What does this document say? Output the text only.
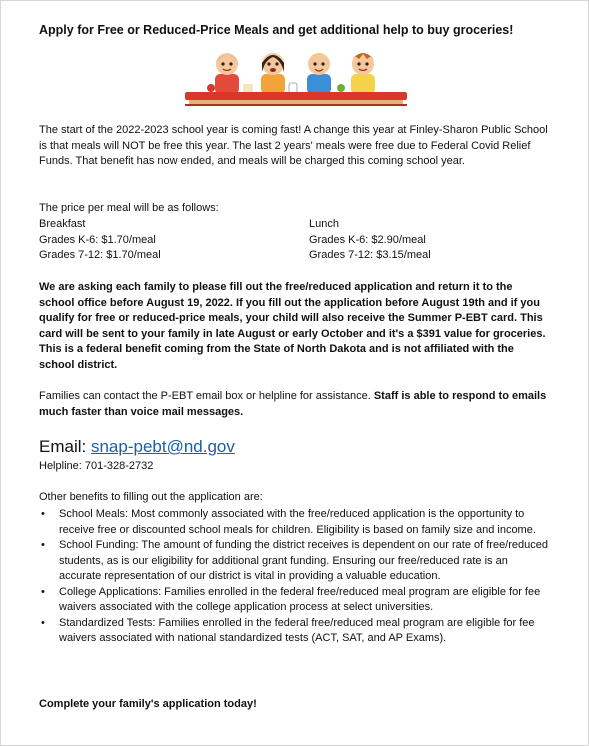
Apply for Free or Reduced-Price Meals and get additional help to buy groceries!
The start of the 2022-2023 school year is coming fast! A change this year at Finley-Sharon Public School is that meals will NOT be free this year. The last 2 years' meals were free due to Federal Covid Relief Funds. That benefit has now ended, and meals will be charged this coming school year.
The price per meal will be as follows:
Breakfast
Grades K-6: $1.70/meal
Grades 7-12: $1.70/meal
Lunch
Grades K-6: $2.90/meal
Grades 7-12: $3.15/meal
We are asking each family to please fill out the free/reduced application and return it to the school office before August 19, 2022. If you fill out the application before August 19th and if you qualify for free or reduced-price meals, your child will also receive the Summer P-EBT card. This card will be sent to your family in late August or early October and it's a $391 value for groceries. This is a federal benefit coming from the State of North Dakota and is not affiliated with the school district.
Families can contact the P-EBT email box or helpline for assistance. Staff is able to respond to emails much faster than voice mail messages.
Email: snap-pebt@nd.gov
Helpline: 701-328-2732
Other benefits to filling out the application are:
• School Meals: Most commonly associated with the free/reduced application is the opportunity to receive free or discounted school meals for children. Eligibility is based on family size and income.
• School Funding: The amount of funding the district receives is dependent on our rate of free/reduced students, as is our eligibility for additional grant funding. Ensuring our free/reduced rate is an accurate representation of our district is vital in providing a valuable education.
• College Applications: Families enrolled in the federal free/reduced meal program are eligible for fee waivers associated with the college application process at select universities.
• Standardized Tests: Families enrolled in the federal free/reduced meal program are eligible for fee waivers associated with national standardized tests (ACT, SAT, and AP Exams).
Complete your family's application today!
